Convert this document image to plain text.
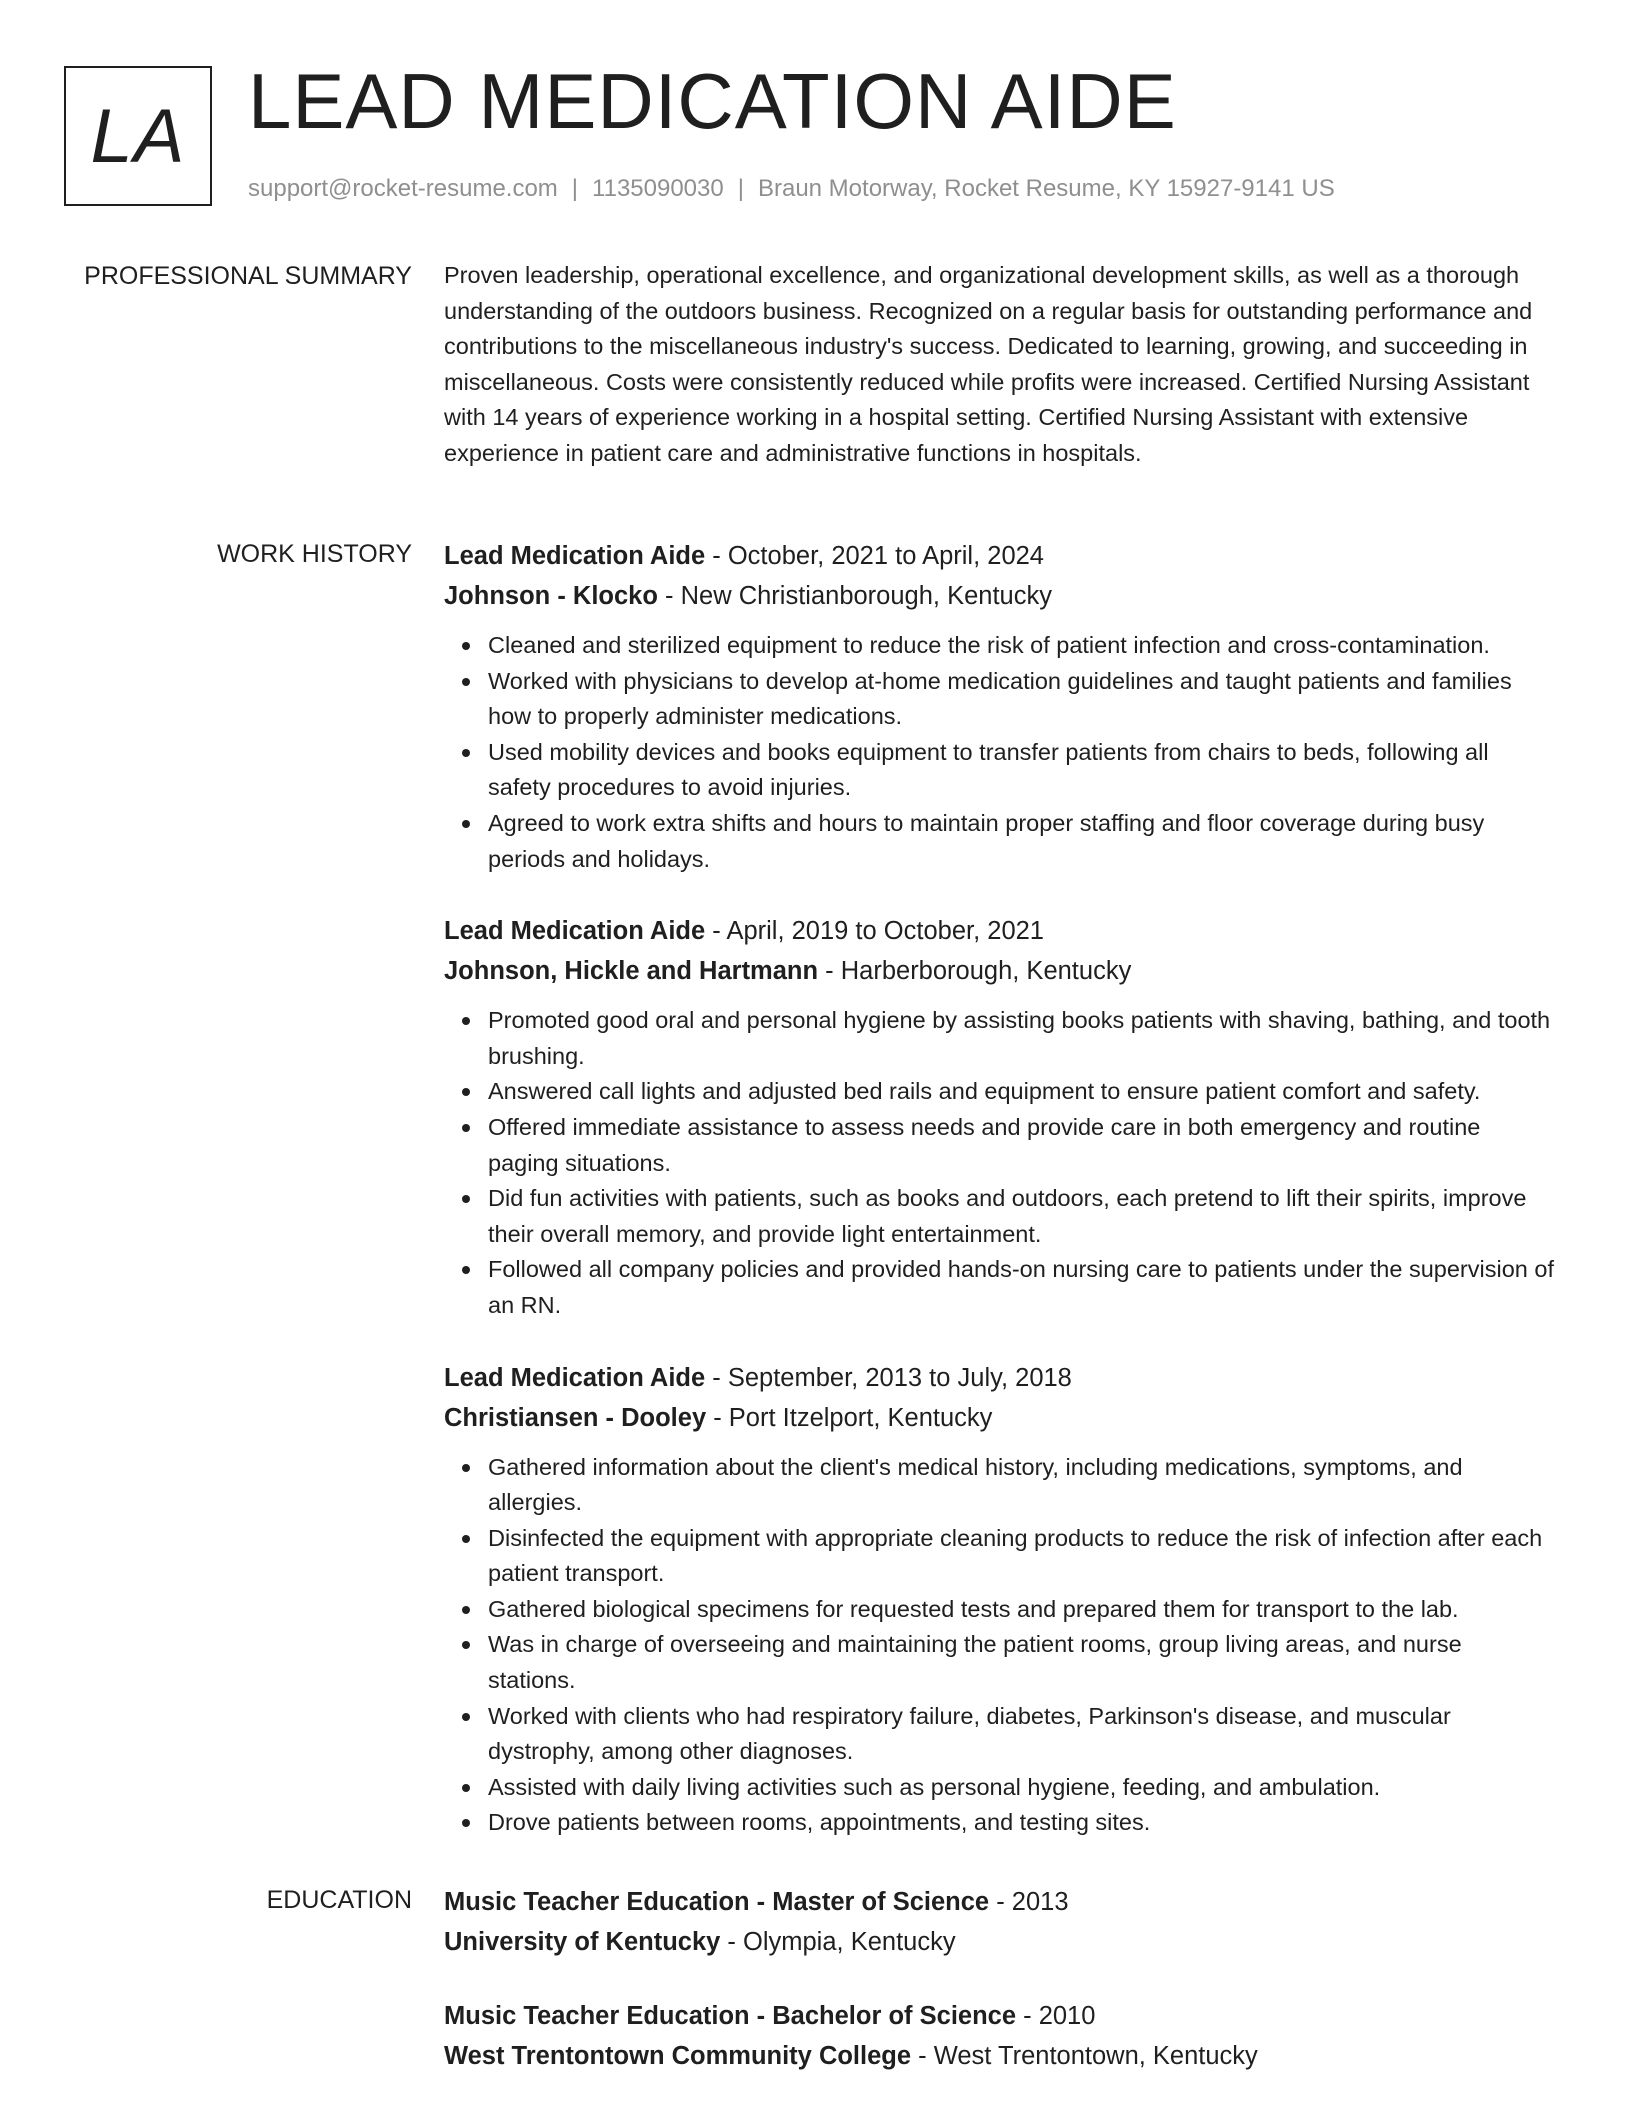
LA LEAD MEDICATION AIDE
support@rocket-resume.com | 1135090030 | Braun Motorway, Rocket Resume, KY 15927-9141 US
PROFESSIONAL SUMMARY Proven leadership, operational excellence, and organizational development skills, as well as a thorough understanding of the outdoors business. Recognized on a regular basis for outstanding performance and contributions to the miscellaneous industry's success. Dedicated to learning, growing, and succeeding in miscellaneous. Costs were consistently reduced while profits were increased. Certified Nursing Assistant with 14 years of experience working in a hospital setting. Certified Nursing Assistant with extensive experience in patient care and administrative functions in hospitals.

WORK HISTORY Lead Medication Aide - October, 2021 to April, 2024
Johnson - Klocko - New Christianborough, Kentucky
Cleaned and sterilized equipment to reduce the risk of patient infection and cross-contamination.
Worked with physicians to develop at-home medication guidelines and taught patients and families how to properly administer medications.
Used mobility devices and books equipment to transfer patients from chairs to beds, following all safety procedures to avoid injuries.
Agreed to work extra shifts and hours to maintain proper staffing and floor coverage during busy periods and holidays.
Lead Medication Aide - April, 2019 to October, 2021
Johnson, Hickle and Hartmann - Harberborough, Kentucky
Promoted good oral and personal hygiene by assisting books patients with shaving, bathing, and tooth brushing.
Answered call lights and adjusted bed rails and equipment to ensure patient comfort and safety.
Offered immediate assistance to assess needs and provide care in both emergency and routine paging situations.
Did fun activities with patients, such as books and outdoors, each pretend to lift their spirits, improve their overall memory, and provide light entertainment.
Followed all company policies and provided hands-on nursing care to patients under the supervision of an RN.
Lead Medication Aide - September, 2013 to July, 2018
Christiansen - Dooley - Port Itzelport, Kentucky
Gathered information about the client's medical history, including medications, symptoms, and allergies.
Disinfected the equipment with appropriate cleaning products to reduce the risk of infection after each patient transport.
Gathered biological specimens for requested tests and prepared them for transport to the lab.
Was in charge of overseeing and maintaining the patient rooms, group living areas, and nurse stations.
Worked with clients who had respiratory failure, diabetes, Parkinson's disease, and muscular dystrophy, among other diagnoses.
Assisted with daily living activities such as personal hygiene, feeding, and ambulation.
Drove patients between rooms, appointments, and testing sites.
EDUCATION Music Teacher Education - Master of Science - 2013
University of Kentucky - Olympia, Kentucky
Music Teacher Education - Bachelor of Science - 2010
West Trentontown Community College - West Trentontown, Kentucky
